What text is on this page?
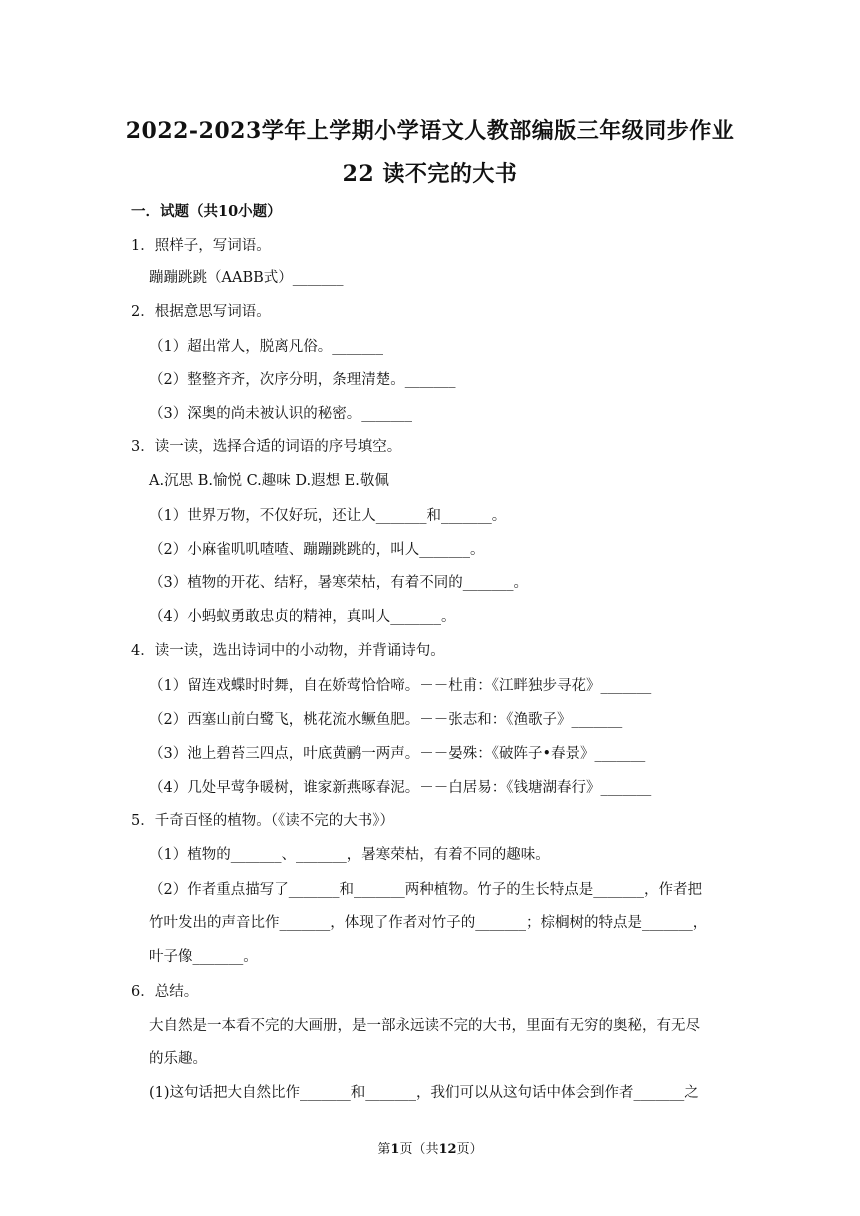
2022-2023学年上学期小学语文人教部编版三年级同步作业
22 读不完的大书
一．试题（共10小题）
1．照样子，写词语。
蹦蹦跳跳（AABB式）_______
2．根据意思写词语。
（1）超出常人，脱离凡俗。_______
（2）整整齐齐，次序分明，条理清楚。_______
（3）深奥的尚未被认识的秘密。_______
3．读一读，选择合适的词语的序号填空。
A.沉思 B.愉悦 C.趣味 D.遐想 E.敬佩
（1）世界万物，不仅好玩，还让人_______和_______。
（2）小麻雀叽叽喳喳、蹦蹦跳跳的，叫人_______。
（3）植物的开花、结籽，暑寒荣枯，有着不同的_______。
（4）小蚂蚁勇敢忠贞的精神，真叫人_______。
4．读一读，选出诗词中的小动物，并背诵诗句。
（1）留连戏蝶时时舞，自在娇莺恰恰啼。－－杜甫：《江畔独步寻花》_______
（2）西塞山前白鹭飞，桃花流水鳜鱼肥。－－张志和：《渔歌子》_______
（3）池上碧苔三四点，叶底黄鹂一两声。－－晏殊：《破阵子•春景》_______
（4）几处早莺争暖树，谁家新燕啄春泥。－－白居易：《钱塘湖春行》_______
5．千奇百怪的植物。（《读不完的大书》）
（1）植物的_______、_______，暑寒荣枯，有着不同的趣味。
（2）作者重点描写了_______和_______两种植物。竹子的生长特点是_______，作者把
竹叶发出的声音比作_______，体现了作者对竹子的_______；棕榈树的特点是_______，
叶子像_______。
6．总结。
大自然是一本看不完的大画册，是一部永远读不完的大书，里面有无穷的奥秘，有无尽
的乐趣。
(1)这句话把大自然比作_______和_______，我们可以从这句话中体会到作者_______之
第1页（共12页）
